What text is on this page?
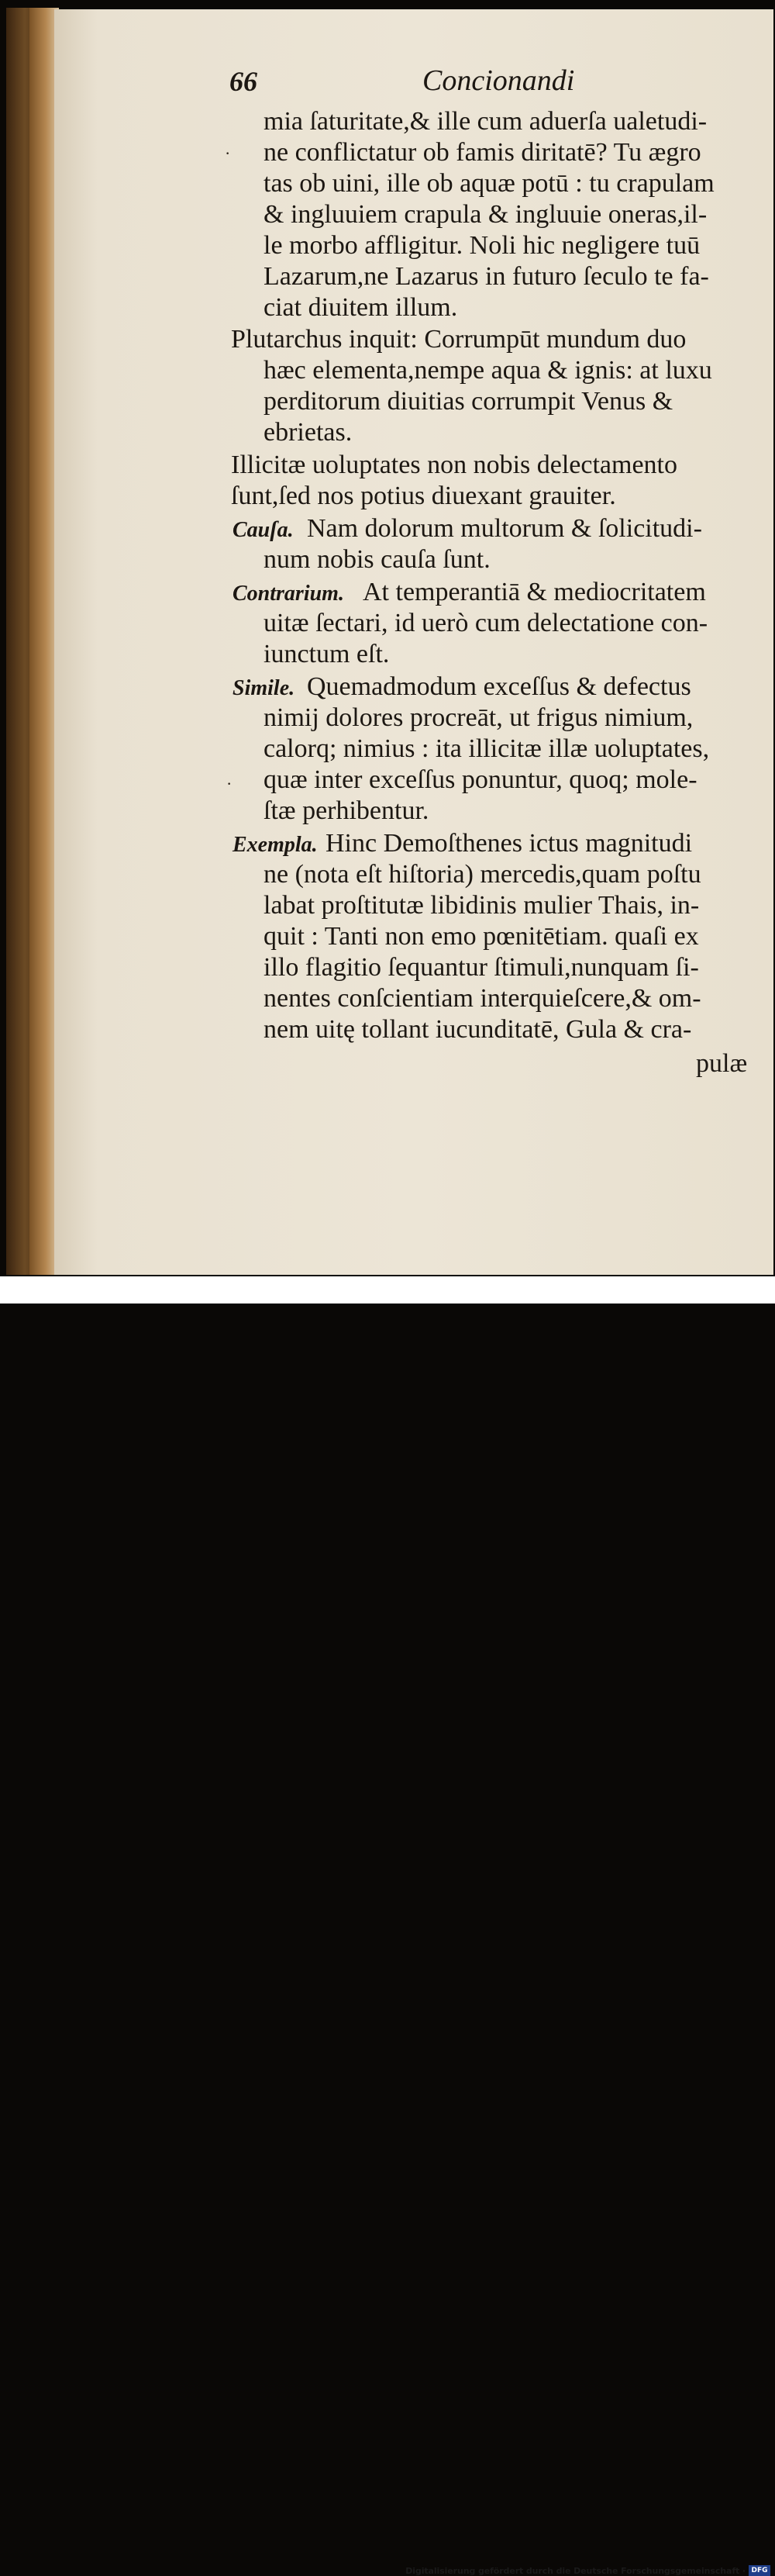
66	Concionandi
mia ſaturitate,& ille cum aduerſa ualetudi-
ne conflictatur ob famis diritatē? Tu ægro
tas ob uini, ille ob aquæ potū : tu crapulam
& ingluuiem crapula & ingluuie oneras,il-
le morbo affligitur. Noli hic negligere tuū
Lazarum,ne Lazarus in futuro ſeculo te fa-
ciat diuitem illum.
Plutarchus inquit: Corrumpūt mundum duo
hæc elementa,nempe aqua & ignis: at luxu
perditorum diuitias corrumpit Venus &
ebrietas.
Illicitæ uoluptates non nobis delectamento
ſunt,ſed nos potius diuexant grauiter.
Cauſa. Nam dolorum multorum & ſolicitudi-
num nobis cauſa ſunt.
Contrarium. At temperantiā & mediocritatem
uitæ ſectari, id uerò cum delectatione con-
iunctum eſt.
Simile. Quemadmodum exceſſus & defectus
nimij dolores procreāt, ut frigus nimium,
calorq; nimius : ita illicitæ illæ uoluptates,
quæ inter exceſſus ponuntur, quoq; mole-
ſtæ perhibentur.
Exempla. Hinc Demoſthenes ictus magnitudi
ne (nota eſt hiſtoria) mercedis,quam poſtu
labat proſtitutæ libidinis mulier Thais, in-
quit : Tanti non emo pœnitētiam. quaſi ex
illo flagitio ſequantur ſtimuli,nunquam ſi-
nentes conſcientiam interquieſcere,& om-
nem uitę tollant iucunditatē, Gula & cra-
pulæ
·
·
Digitalisierung gefördert durch die Deutsche Forschungsgemeinschaft · DFG
